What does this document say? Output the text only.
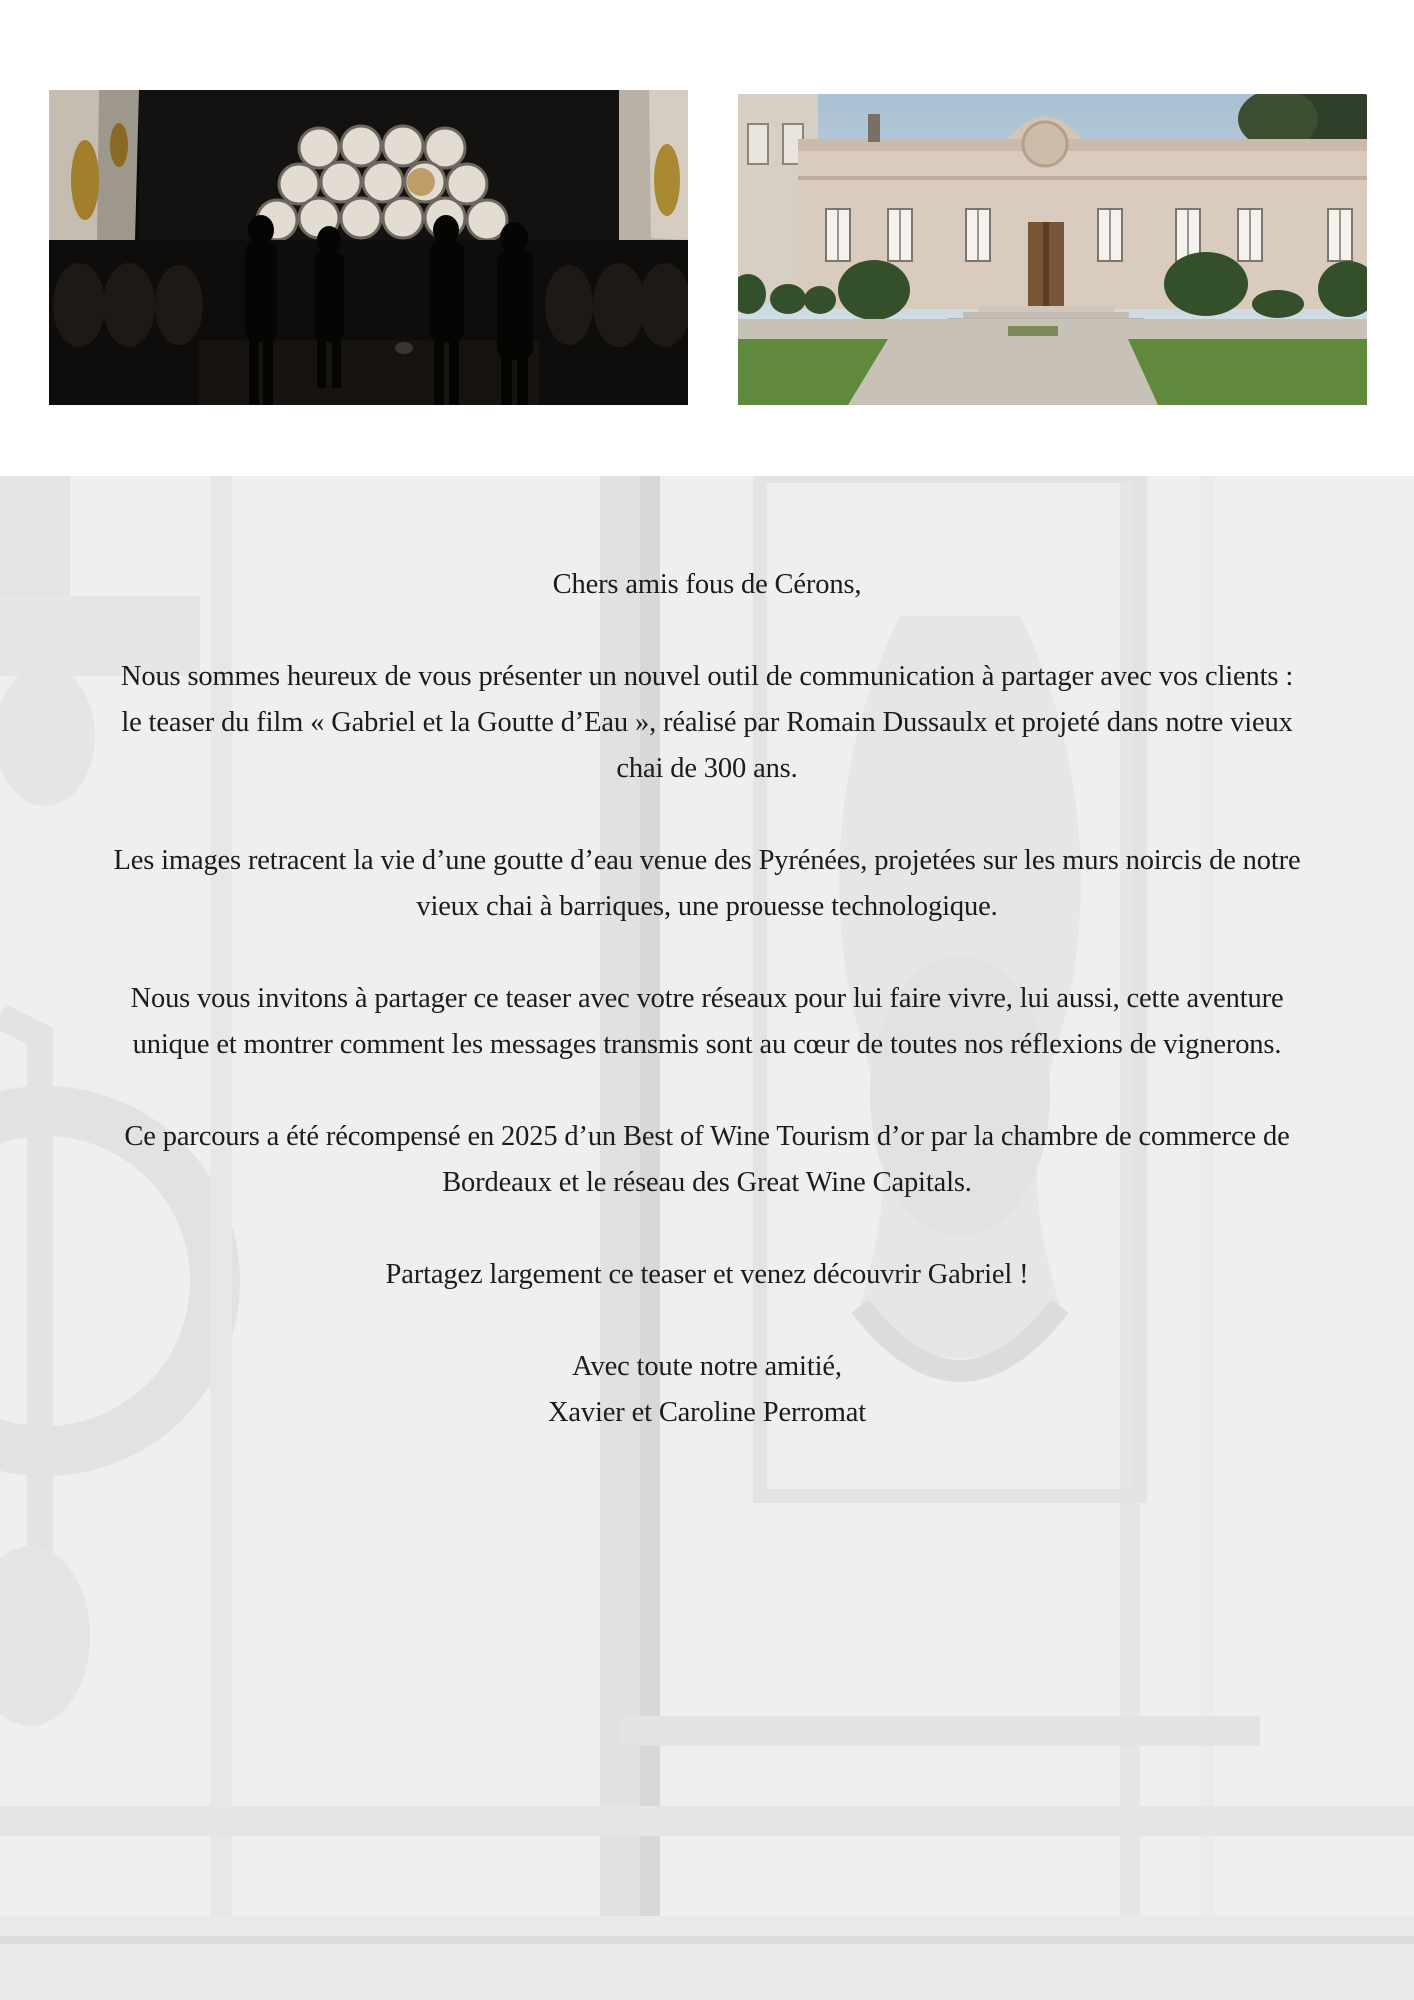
Chers amis fous de Cérons,

Nous sommes heureux de vous présenter un nouvel outil de communication à partager avec vos clients : le teaser du film « Gabriel et la Goutte d’Eau », réalisé par Romain Dussaulx et projeté dans notre vieux chai de 300 ans.

Les images retracent la vie d’une goutte d’eau venue des Pyrénées, projetées sur les murs noircis de notre vieux chai à barriques, une prouesse technologique.

Nous vous invitons à partager ce teaser avec votre réseaux pour lui faire vivre, lui aussi, cette aventure unique et montrer comment les messages transmis sont au cœur de toutes nos réflexions de vignerons.

Ce parcours a été récompensé en 2025 d’un Best of Wine Tourism d’or par la chambre de commerce de Bordeaux et le réseau des Great Wine Capitals.

Partagez largement ce teaser et venez découvrir Gabriel !

Avec toute notre amitié,
Xavier et Caroline Perromat
